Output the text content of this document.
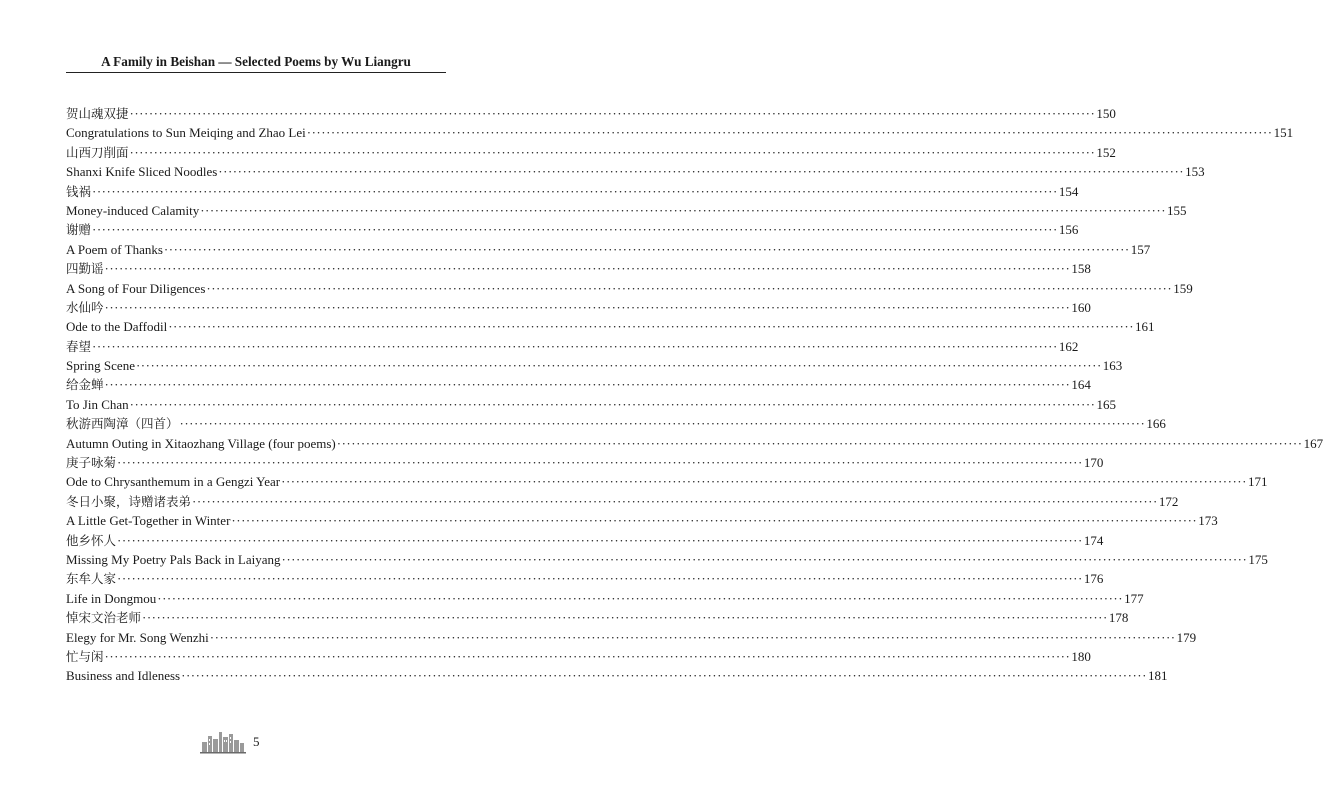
A Family in Beishan — Selected Poems by Wu Liangru
贺山魂双捷 ········································································································································································································ 150
Congratulations to Sun Meiqing and Zhao Lei ········································································································································································································ 151
山西刀削面 ········································································································································································································ 152
Shanxi Knife Sliced Noodles ········································································································································································································ 153
钱祸 ········································································································································································································ 154
Money-induced Calamity ········································································································································································································ 155
谢赠 ········································································································································································································ 156
A Poem of Thanks ········································································································································································································ 157
四勤谣 ········································································································································································································ 158
A Song of Four Diligences ········································································································································································································ 159
水仙吟 ········································································································································································································ 160
Ode to the Daffodil ········································································································································································································ 161
春望 ········································································································································································································ 162
Spring Scene ········································································································································································································ 163
给金蝉 ········································································································································································································ 164
To Jin Chan ········································································································································································································ 165
秋游西陶漳（四首） ········································································································································································································ 166
Autumn Outing in Xitaozhang Village (four poems) ········································································································································································································ 167
庚子咏菊 ········································································································································································································ 170
Ode to Chrysanthemum in a Gengzi Year ········································································································································································································ 171
冬日小聚，诗赠诸表弟 ········································································································································································································ 172
A Little Get-Together in Winter ········································································································································································································ 173
他乡怀人 ········································································································································································································ 174
Missing My Poetry Pals Back in Laiyang ········································································································································································································ 175
东牟人家 ········································································································································································································ 176
Life in Dongmou ········································································································································································································ 177
悼宋文治老师 ········································································································································································································ 178
Elegy for Mr. Song Wenzhi ········································································································································································································ 179
忙与闲 ········································································································································································································ 180
Business and Idleness ········································································································································································································ 181
5
